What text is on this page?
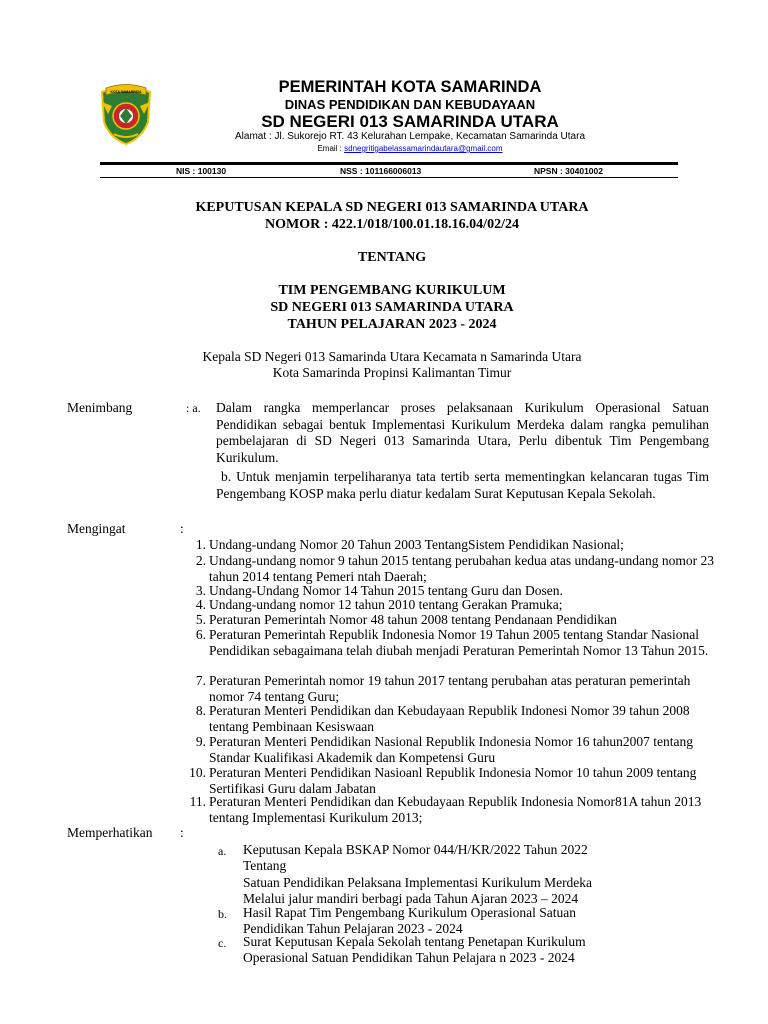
KOTA SAMARINDA	PEMERINTAH KOTA SAMARINDA
DINAS PENDIDIKAN DAN KEBUDAYAAN
SD NEGERI 013 SAMARINDA UTARA
Alamat : Jl. Sukorejo RT. 43 Kelurahan Lempake, Kecamatan Samarinda Utara
Email : sdnegritigabelassamarindautara@gmail.com
NIS : 100130	NSS : 101166006013	NPSN : 30401002
KEPUTUSAN KEPALA SD NEGERI 013 SAMARINDA UTARA
NOMOR : 422.1/018/100.01.18.16.04/02/24
TENTANG
TIM PENGEMBANG KURIKULUM
SD NEGERI 013 SAMARINDA UTARA
TAHUN PELAJARAN 2023 - 2024
Kepala SD Negeri 013 Samarinda Utara Kecamata n Samarinda Utara
Kota Samarinda Propinsi Kalimantan Timur
Menimbang	: a. Dalam rangka memperlancar proses pelaksanaan Kurikulum Operasional Satuan Pendidikan sebagai bentuk Implementasi Kurikulum Merdeka dalam rangka pemulihan pembelajaran di SD Negeri 013 Samarinda Utara, Perlu dibentuk Tim Pengembang Kurikulum.
b. Untuk menjamin terpeliharanya tata tertib serta mementingkan kelancaran tugas Tim Pengembang KOSP maka perlu diatur kedalam Surat Keputusan Kepala Sekolah.
Mengingat	:
1. Undang-undang Nomor 20 Tahun 2003 TentangSistem Pendidikan Nasional;
2. Undang-undang nomor 9 tahun 2015 tentang perubahan kedua atas undang-undang nomor 23 tahun 2014 tentang Pemeri ntah Daerah;
3. Undang-Undang Nomor 14 Tahun 2015 tentang Guru dan Dosen.
4. Undang-undang nomor 12 tahun 2010 tentang Gerakan Pramuka;
5. Peraturan Pemerintah Nomor 48 tahun 2008 tentang Pendanaan Pendidikan
6. Peraturan Pemerintah Republik Indonesia Nomor 19 Tahun 2005 tentang Standar Nasional Pendidikan sebagaimana telah diubah menjadi Peraturan Pemerintah Nomor 13 Tahun 2015.
7. Peraturan Pemerintah nomor 19 tahun 2017 tentang perubahan atas peraturan pemerintah nomor 74 tentang Guru;
8. Peraturan Menteri Pendidikan dan Kebudayaan Republik Indonesi Nomor 39 tahun 2008 tentang Pembinaan Kesiswaan
9. Peraturan Menteri Pendidikan Nasional Republik Indonesia Nomor 16 tahun2007 tentang Standar Kualifikasi Akademik dan Kompetensi Guru
10. Peraturan Menteri Pendidikan Nasioanl Republik Indonesia Nomor 10 tahun 2009 tentang Sertifikasi Guru dalam Jabatan
11. Peraturan Menteri Pendidikan dan Kebudayaan Republik Indonesia Nomor81A tahun 2013 tentang Implementasi Kurikulum 2013;
Memperhatikan :
a. Keputusan Kepala BSKAP Nomor 044/H/KR/2022 Tahun 2022
Tentang
Satuan Pendidikan Pelaksana Implementasi Kurikulum Merdeka
Melalui jalur mandiri berbagi pada Tahun Ajaran 2023 – 2024
b. Hasil Rapat Tim Pengembang Kurikulum Operasional Satuan
Pendidikan Tahun Pelajaran 2023 - 2024
c. Surat Keputusan Kepala Sekolah tentang Penetapan Kurikulum
Operasional Satuan Pendidikan Tahun Pelajara n 2023 - 2024
